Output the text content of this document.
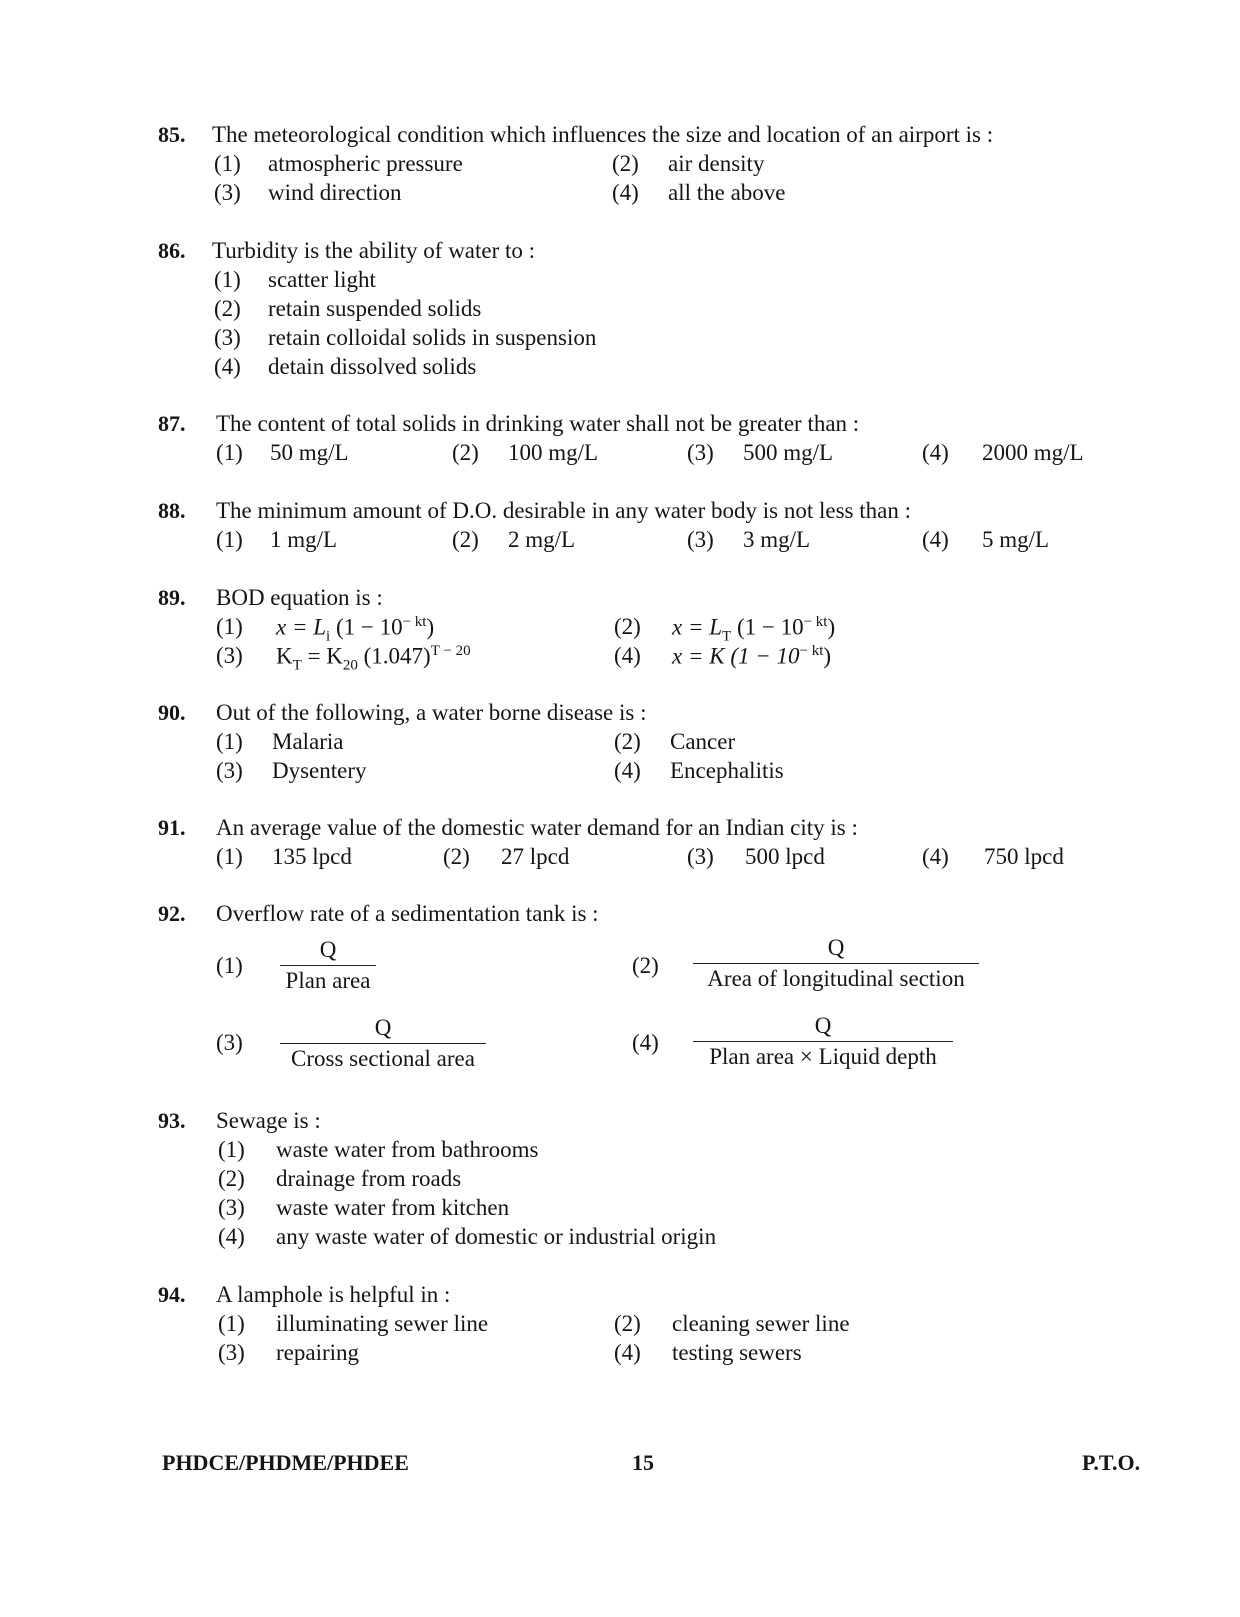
85. The meteorological condition which influences the size and location of an airport is :
(1) atmospheric pressure	(2) air density
(3) wind direction	(4) all the above
86. Turbidity is the ability of water to :
(1) scatter light
(2) retain suspended solids
(3) retain colloidal solids in suspension
(4) detain dissolved solids
87. The content of total solids in drinking water shall not be greater than :
(1) 50 mg/L	(2) 100 mg/L	(3) 500 mg/L	(4) 2000 mg/L
88. The minimum amount of D.O. desirable in any water body is not less than :
(1) 1 mg/L	(2) 2 mg/L	(3) 3 mg/L	(4) 5 mg/L
89. BOD equation is :
(1) $x = L_i$ $(1 - 10^{- kt})$	(2) $x = L_T$ $(1 - 10^{- kt})$
(3) $K_T = K_{20}$ $(1.047)^{T - 20}$	(4) x = K $(1 - 10^{- kt})$
90. Out of the following, a water borne disease is :
(1) Malaria	(2) Cancer
(3) Dysentery	(4) Encephalitis
91. An average value of the domestic water demand for an Indian city is :
(1) 135 lpcd	(2) 27 lpcd	(3) 500 lpcd	(4) 750 lpcd
92. Overflow rate of a sedimentation tank is :
(1)
Q
Plan area
(2)
Q
Area of longitudinal section
(3)
Q
Cross sectional area
(4)
Q
Plan area × Liquid depth
93. Sewage is :
(1) waste water from bathrooms
(2) drainage from roads
(3) waste water from kitchen
(4) any waste water of domestic or industrial origin
94. A lamphole is helpful in :
(1) illuminating sewer line	(2) cleaning sewer line
(3) repairing	(4) testing sewers
PHDCE/PHDME/PHDEE	15	P.T.O.
